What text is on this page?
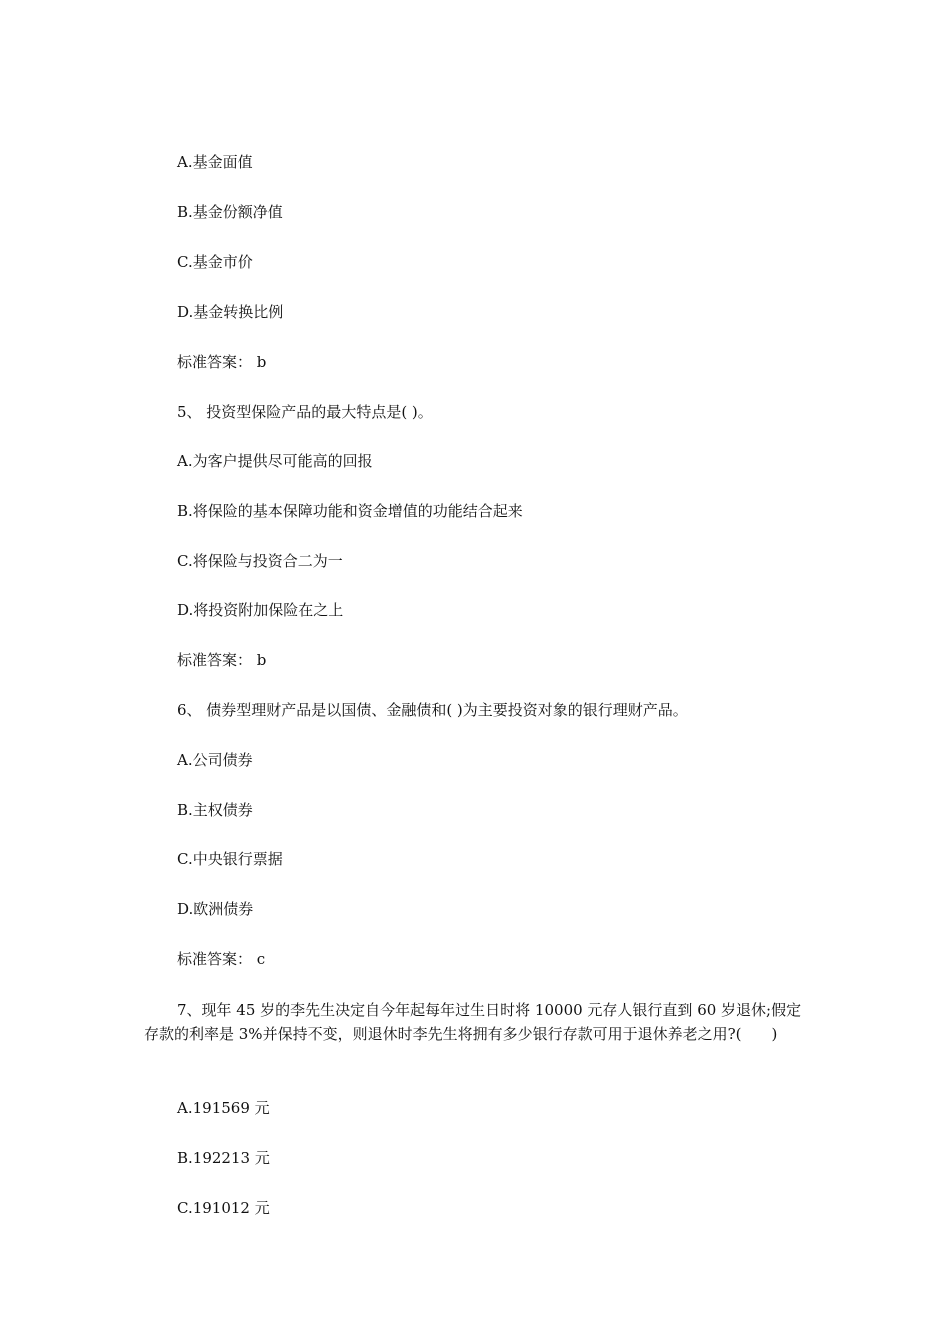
A.基金面值
B.基金份额净值
C.基金市价
D.基金转换比例
标准答案： b
5、 投资型保险产品的最大特点是( )。
A.为客户提供尽可能高的回报
B.将保险的基本保障功能和资金增值的功能结合起来
C.将保险与投资合二为一
D.将投资附加保险在之上
标准答案： b
6、 债券型理财产品是以国债、金融债和( )为主要投资对象的银行理财产品。
A.公司债券
B.主权债券
C.中央银行票据
D.欧洲债券
标准答案： c
7、现年 45 岁的李先生决定自今年起每年过生日时将 10000 元存人银行直到 60 岁退休;假定存款的利率是 3%并保持不变，则退休时李先生将拥有多少银行存款可用于退休养老之用?(　　)
A.191569 元
B.192213 元
C.191012 元
